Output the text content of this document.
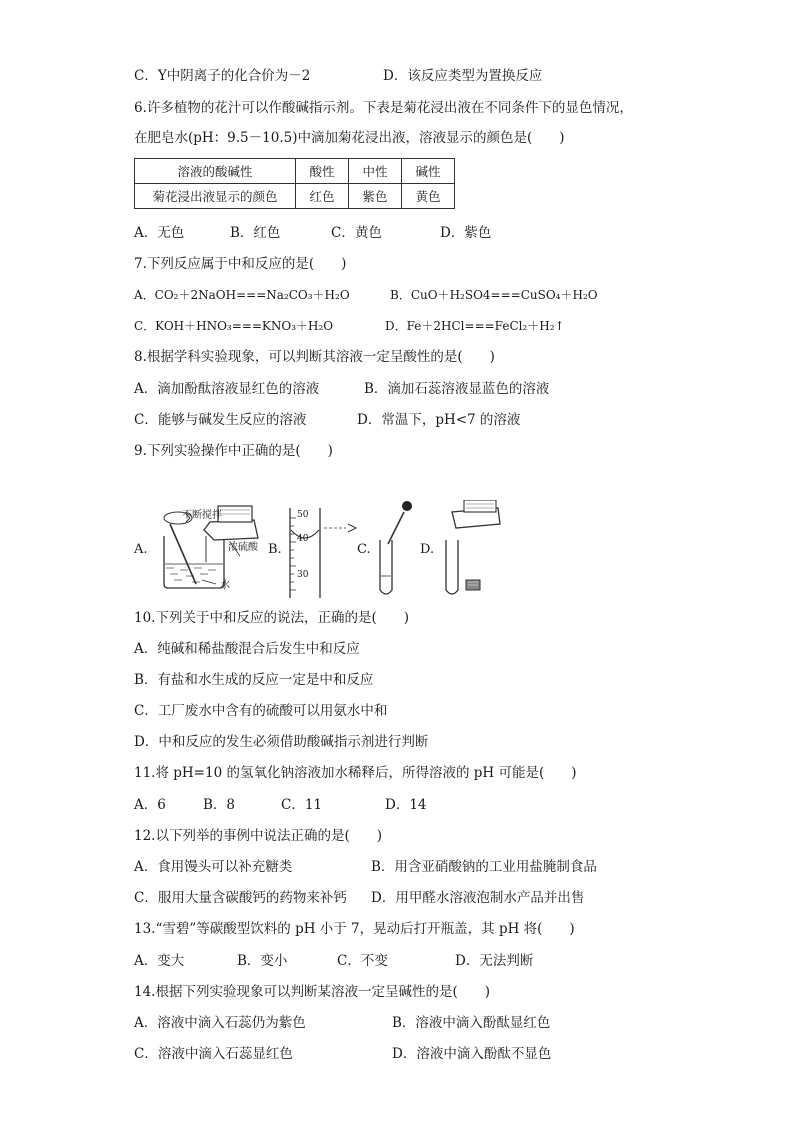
C．Y中阴离子的化合价为－2	D．该反应类型为置换反应
6.许多植物的花汁可以作酸碱指示剂。下表是菊花浸出液在不同条件下的显色情况，
在肥皂水(pH：9.5－10.5)中滴加菊花浸出液，溶液显示的颜色是(　　)
溶液的酸碱性	酸性	中性	碱性
菊花浸出液显示的颜色	红色	紫色	黄色
A．无色	B．红色	C．黄色	D．紫色
7.下列反应属于中和反应的是(　　)
A．CO₂＋2NaOH===Na₂CO₃＋H₂O	B．CuO＋H₂SO4===CuSO₄＋H₂O
C．KOH＋HNO₃===KNO₃＋H₂O	D．Fe＋2HCl===FeCl₂＋H₂↑
8.根据学科实验现象，可以判断其溶液一定呈酸性的是(　　)
A．滴加酚酞溶液显红色的溶液	B．滴加石蕊溶液显蓝色的溶液
C．能够与碱发生反应的溶液	D．常温下，pH<7 的溶液
9.下列实验操作中正确的是(　　)
A.	B.	C.	D.
不断搅拌
浓硫酸
水
50
40
30
10.下列关于中和反应的说法，正确的是(　　)
A．纯碱和稀盐酸混合后发生中和反应
B．有盐和水生成的反应一定是中和反应
C．工厂废水中含有的硫酸可以用氨水中和
D．中和反应的发生必须借助酸碱指示剂进行判断
11.将 pH=10 的氢氧化钠溶液加水稀释后，所得溶液的 pH 可能是(　　)
A．6	B．8	C．11	D．14
12.以下列举的事例中说法正确的是(　　)
A．食用馒头可以补充糖类	B．用含亚硝酸钠的工业用盐腌制食品
C．服用大量含碳酸钙的药物来补钙 D．用甲醛水溶液泡制水产品并出售
13.“雪碧”等碳酸型饮料的 pH 小于 7，晃动后打开瓶盖，其 pH 将(　　)
A．变大	B．变小	C．不变	D．无法判断
14.根据下列实验现象可以判断某溶液一定呈碱性的是(　　)
A．溶液中滴入石蕊仍为紫色	B．溶液中滴入酚酞显红色
C．溶液中滴入石蕊显红色	D．溶液中滴入酚酞不显色
